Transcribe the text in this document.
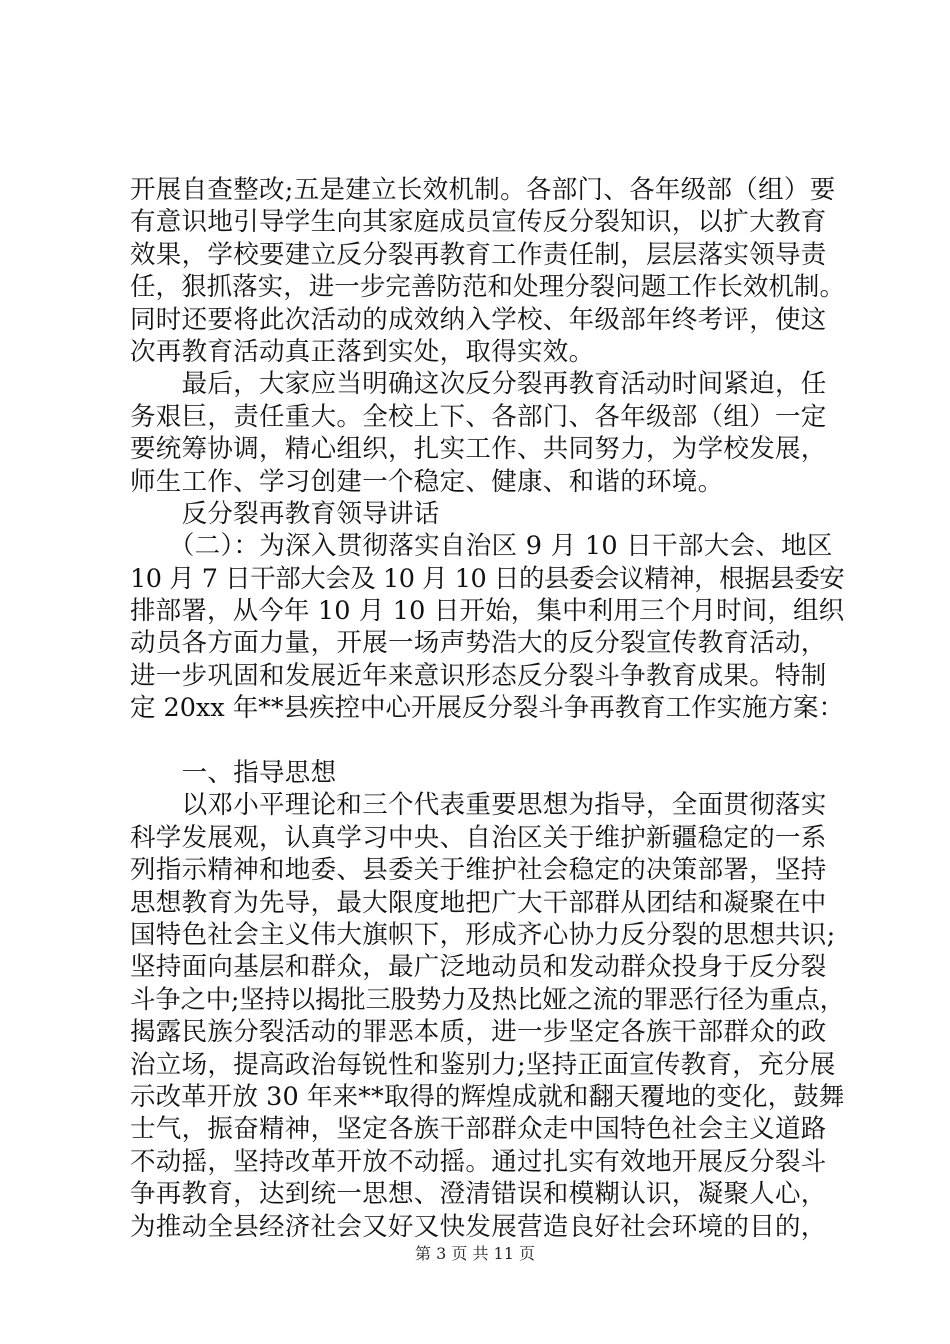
开展自查整改;五是建立长效机制。各部门、各年级部（组）要
有意识地引导学生向其家庭成员宣传反分裂知识，以扩大教育
效果，学校要建立反分裂再教育工作责任制，层层落实领导责
任，狠抓落实，进一步完善防范和处理分裂问题工作长效机制。
同时还要将此次活动的成效纳入学校、年级部年终考评，使这
次再教育活动真正落到实处，取得实效。
　　最后，大家应当明确这次反分裂再教育活动时间紧迫，任
务艰巨，责任重大。全校上下、各部门、各年级部（组）一定
要统筹协调，精心组织，扎实工作、共同努力，为学校发展，
师生工作、学习创建一个稳定、健康、和谐的环境。
　　反分裂再教育领导讲话
　　（二）：为深入贯彻落实自治区 9 月 10 日干部大会、地区
10 月 7 日干部大会及 10 月 10 日的县委会议精神，根据县委安
排部署，从今年 10 月 10 日开始，集中利用三个月时间，组织
动员各方面力量，开展一场声势浩大的反分裂宣传教育活动，
进一步巩固和发展近年来意识形态反分裂斗争教育成果。特制
定 20xx 年**县疾控中心开展反分裂斗争再教育工作实施方案：
　　一、指导思想
　　以邓小平理论和三个代表重要思想为指导，全面贯彻落实
科学发展观，认真学习中央、自治区关于维护新疆稳定的一系
列指示精神和地委、县委关于维护社会稳定的决策部署，坚持
思想教育为先导，最大限度地把广大干部群从团结和凝聚在中
国特色社会主义伟大旗帜下，形成齐心协力反分裂的思想共识;
坚持面向基层和群众，最广泛地动员和发动群众投身于反分裂
斗争之中;坚持以揭批三股势力及热比娅之流的罪恶行径为重点，
揭露民族分裂活动的罪恶本质，进一步坚定各族干部群众的政
治立场，提高政治每锐性和鉴别力;坚持正面宣传教育，充分展
示改革开放 30 年来**取得的辉煌成就和翻天覆地的变化，鼓舞
士气，振奋精神，坚定各族干部群众走中国特色社会主义道路
不动摇，坚持改革开放不动摇。通过扎实有效地开展反分裂斗
争再教育，达到统一思想、澄清错误和模糊认识，凝聚人心，
为推动全县经济社会又好又快发展营造良好社会环境的目的，
第 3 页 共 11 页
